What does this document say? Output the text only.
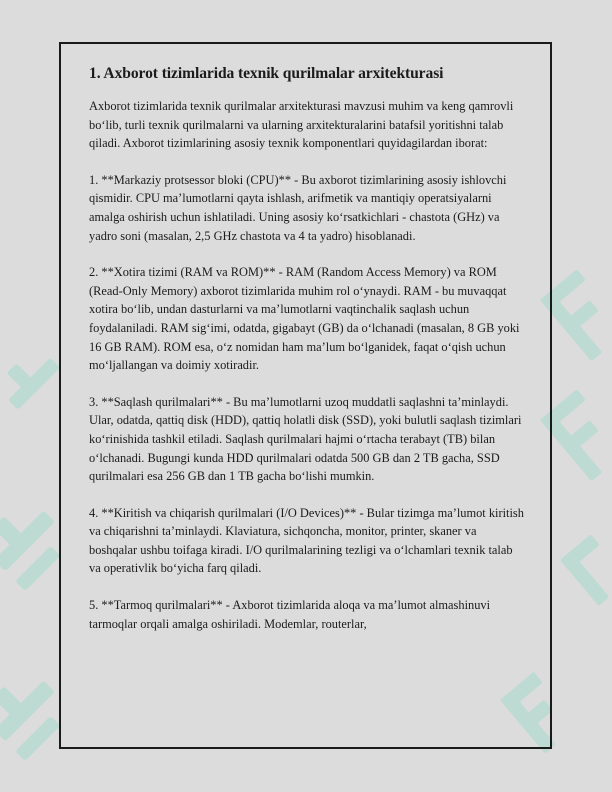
1. Axborot tizimlarida texnik qurilmalar arxitekturasi

Axborot tizimlarida texnik qurilmalar arxitekturasi mavzusi muhim va keng qamrovli bo‘lib, turli texnik qurilmalarni va ularning arxitekturalarini batafsil yoritishni talab qiladi. Axborot tizimlarining asosiy texnik komponentlari quyidagilardan iborat:

1. **Markaziy protsessor bloki (CPU)** - Bu axborot tizimlarining asosiy ishlovchi qismidir. CPU ma’lumotlarni qayta ishlash, arifmetik va mantiqiy operatsiyalarni amalga oshirish uchun ishlatiladi. Uning asosiy ko‘rsatkichlari - chastota (GHz) va yadro soni (masalan, 2,5 GHz chastota va 4 ta yadro) hisoblanadi.

2. **Xotira tizimi (RAM va ROM)** - RAM (Random Access Memory) va ROM (Read-Only Memory) axborot tizimlarida muhim rol o‘ynaydi. RAM - bu muvaqqat xotira bo‘lib, undan dasturlarni va ma’lumotlarni vaqtinchalik saqlash uchun foydalaniladi. RAM sig‘imi, odatda, gigabayt (GB) da o‘lchanadi (masalan, 8 GB yoki 16 GB RAM). ROM esa, o‘z nomidan ham ma’lum bo‘lganidek, faqat o‘qish uchun mo‘ljallangan va doimiy xotiradir.

3. **Saqlash qurilmalari** - Bu ma’lumotlarni uzoq muddatli saqlashni ta’minlaydi. Ular, odatda, qattiq disk (HDD), qattiq holatli disk (SSD), yoki bulutli saqlash tizimlari ko‘rinishida tashkil etiladi. Saqlash qurilmalari hajmi o‘rtacha terabayt (TB) bilan o‘lchanadi. Bugungi kunda HDD qurilmalari odatda 500 GB dan 2 TB gacha, SSD qurilmalari esa 256 GB dan 1 TB gacha bo‘lishi mumkin.

4. **Kiritish va chiqarish qurilmalari (I/O Devices)** - Bular tizimga ma’lumot kiritish va chiqarishni ta’minlaydi. Klaviatura, sichqoncha, monitor, printer, skaner va boshqalar ushbu toifaga kiradi. I/O qurilmalarining tezligi va o‘lchamlari texnik talab va operativlik bo‘yicha farq qiladi.

5. **Tarmoq qurilmalari** - Axborot tizimlarida aloqa va ma’lumot almashinuvi tarmoqlar orqali amalga oshiriladi. Modemlar, routerlar,
